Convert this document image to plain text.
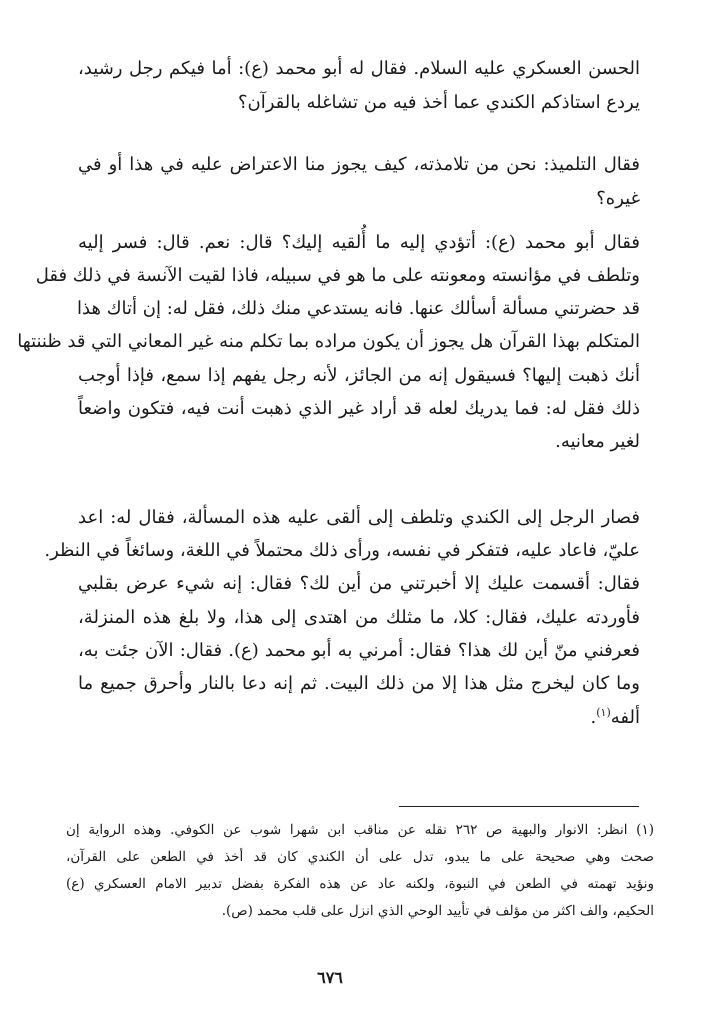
الحسن العسكري عليه السلام. فقال له أبو محمد (ع): أما فيكم رجل رشيد،
يردع استاذكم الكندي عما أخذ فيه من تشاغله بالقرآن؟
فقال التلميذ: نحن من تلامذته، كيف يجوز منا الاعتراض عليه في هذا أو في
غيره؟
فقال أبو محمد (ع): أتؤدي إليه ما أُلقيه إليك؟ قال: نعم. قال: فسر إليه
وتلطف في مؤانسته ومعونته على ما هو في سبيله، فاذا لقيت الآنسة في ذلك فقل
قد حضرتني مسألة أسألك عنها. فانه يستدعي منك ذلك، فقل له: إن أتاك هذا
المتكلم بهذا القرآن هل يجوز أن يكون مراده بما تكلم منه غير المعاني التي قد ظننتها
أنك ذهبت إليها؟ فسيقول إنه من الجائز، لأنه رجل يفهم إذا سمع، فإذا أوجب
ذلك فقل له: فما يدريك لعله قد أراد غير الذي ذهبت أنت فيه، فتكون واضعاً
لغير معانيه.
فصار الرجل إلى الكندي وتلطف إلى ألقى عليه هذه المسألة، فقال له: اعد
عليّ، فاعاد عليه، فتفكر في نفسه، ورأى ذلك محتملاً في اللغة، وسائغاً في النظر.
فقال: أقسمت عليك إلا أخبرتني من أين لك؟ فقال: إنه شيء عرض بقلبي
فأوردته عليك، فقال: كلا، ما مثلك من اهتدى إلى هذا، ولا بلغ هذه المنزلة،
فعرفني منّ أين لك هذا؟ فقال: أمرني به أبو محمد (ع). فقال: الآن جئت به،
وما كان ليخرج مثل هذا إلا من ذلك البيت. ثم إنه دعا بالنار وأحرق جميع ما
ألفه$^{(١)}$.
(١) انظر: الانوار والبهية ص ٢٦٢ نقله عن مناقب ابن شهرا شوب عن الكوفي. وهذه الرواية إن
صحت وهي صحيحة على ما يبدو، تدل على أن الكندي كان قد أخذ في الطعن على القرآن،
ونؤيد تهمته في الطعن في النبوة، ولكنه عاد عن هذه الفكرة بفضل تدبير الامام العسكري (ع)
الحكيم، والف اكثر من مؤلف في تأييد الوحي الذي انزل على قلب محمد (ص).
٦٧٦
